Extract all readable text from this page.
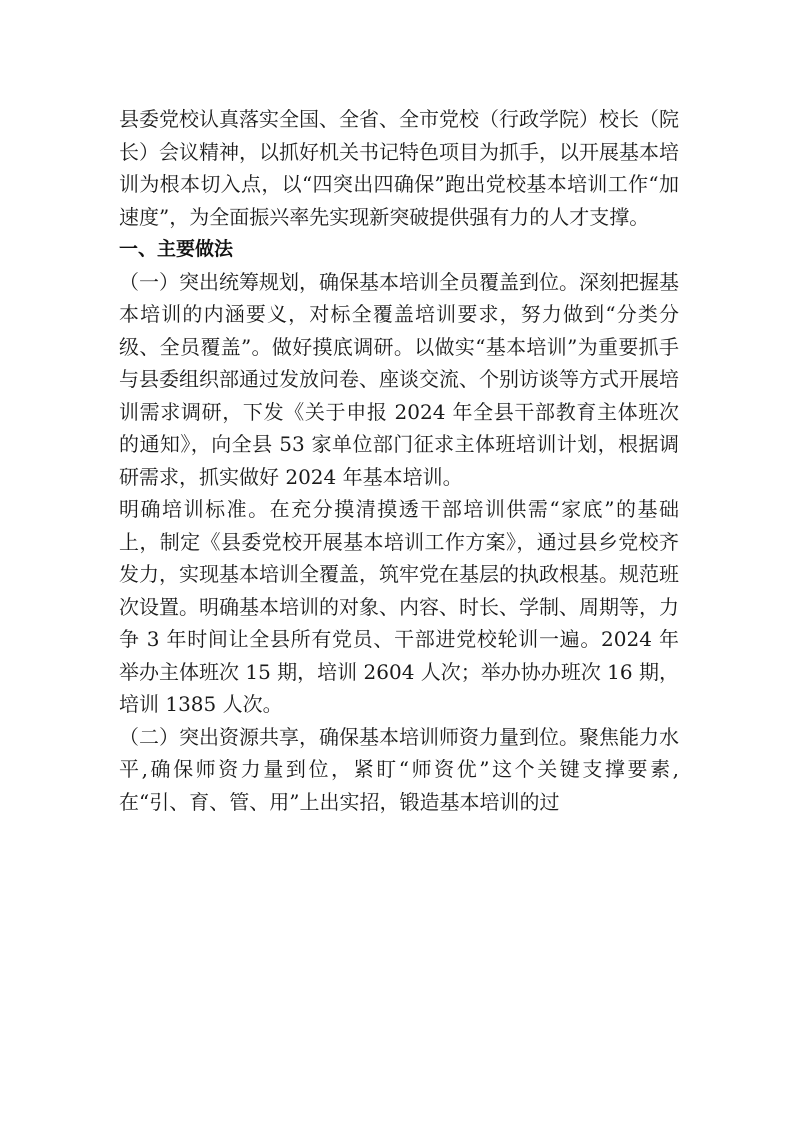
县委党校认真落实全国、全省、全市党校（行政学院）校长（院长）会议精神，以抓好机关书记特色项目为抓手，以开展基本培训为根本切入点，以“四突出四确保”跑出党校基本培训工作“加速度”，为全面振兴率先实现新突破提供强有力的人才支撑。

一、主要做法

（一）突出统筹规划，确保基本培训全员覆盖到位。深刻把握基本培训的内涵要义，对标全覆盖培训要求，努力做到“分类分级、全员覆盖”。做好摸底调研。以做实“基本培训”为重要抓手与县委组织部通过发放问卷、座谈交流、个别访谈等方式开展培训需求调研，下发《关于申报 2024 年全县干部教育主体班次的通知》，向全县 53 家单位部门征求主体班培训计划，根据调研需求，抓实做好 2024 年基本培训。

明确培训标准。在充分摸清摸透干部培训供需“家底”的基础上，制定《县委党校开展基本培训工作方案》，通过县乡党校齐发力，实现基本培训全覆盖，筑牢党在基层的执政根基。规范班次设置。明确基本培训的对象、内容、时长、学制、周期等，力争 3 年时间让全县所有党员、干部进党校轮训一遍。2024 年举办主体班次 15 期，培训 2604 人次；举办协办班次 16 期，培训 1385 人次。

（二）突出资源共享，确保基本培训师资力量到位。聚焦能力水平,确保师资力量到位，紧盯“师资优”这个关键支撑要素,在“引、育、管、用”上出实招，锻造基本培训的过
